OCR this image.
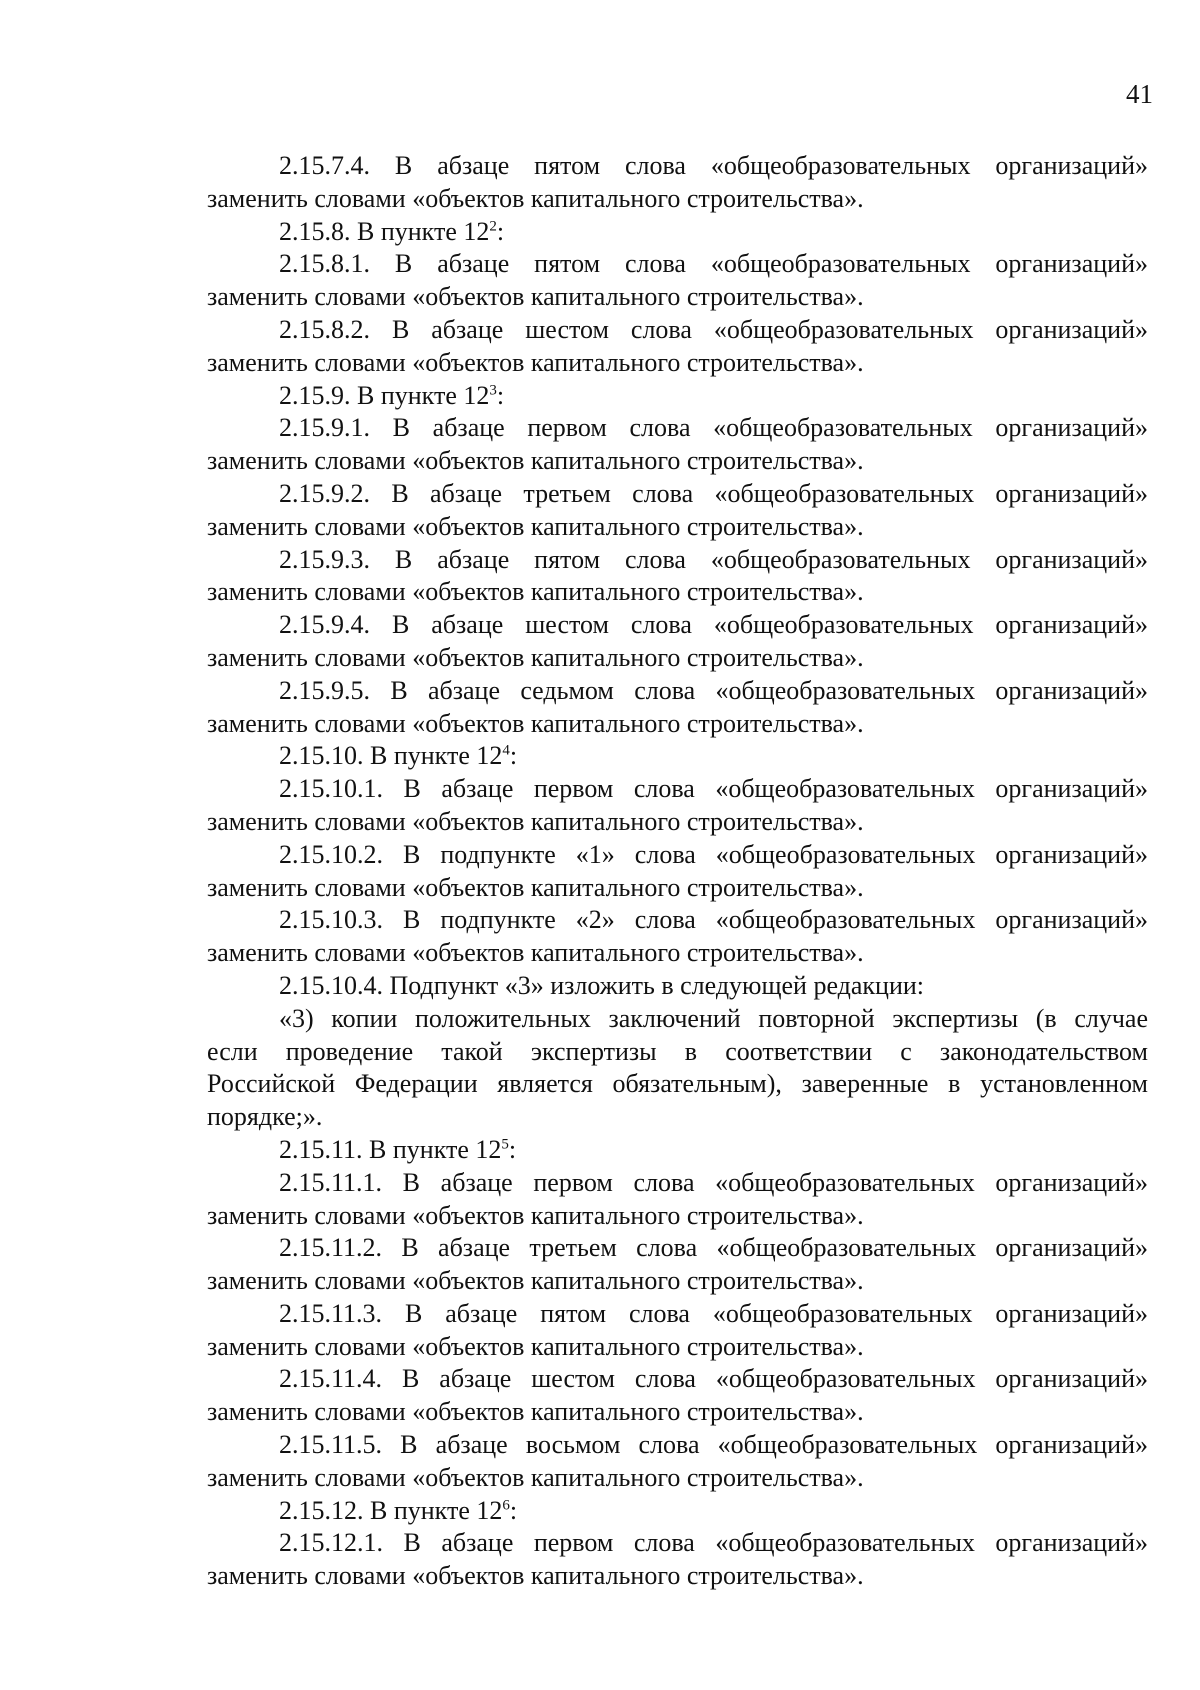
41

2.15.7.4. В абзаце пятом слова «общеобразовательных организаций»
заменить словами «объектов капитального строительства».

2.15.8. В пункте $12^2$:

2.15.8.1. В абзаце пятом слова «общеобразовательных организаций»
заменить словами «объектов капитального строительства».

2.15.8.2. В абзаце шестом слова «общеобразовательных организаций»
заменить словами «объектов капитального строительства».

2.15.9. В пункте $12^3$:

2.15.9.1. В абзаце первом слова «общеобразовательных организаций»
заменить словами «объектов капитального строительства».

2.15.9.2. В абзаце третьем слова «общеобразовательных организаций»
заменить словами «объектов капитального строительства».

2.15.9.3. В абзаце пятом слова «общеобразовательных организаций»
заменить словами «объектов капитального строительства».

2.15.9.4. В абзаце шестом слова «общеобразовательных организаций»
заменить словами «объектов капитального строительства».

2.15.9.5. В абзаце седьмом слова «общеобразовательных организаций»
заменить словами «объектов капитального строительства».

2.15.10. В пункте $12^4$:

2.15.10.1. В абзаце первом слова «общеобразовательных организаций»
заменить словами «объектов капитального строительства».

2.15.10.2. В подпункте «1» слова «общеобразовательных организаций»
заменить словами «объектов капитального строительства».

2.15.10.3. В подпункте «2» слова «общеобразовательных организаций»
заменить словами «объектов капитального строительства».

2.15.10.4. Подпункт «3» изложить в следующей редакции:

«3) копии положительных заключений повторной экспертизы (в случае
если проведение такой экспертизы в соответствии с законодательством
Российской Федерации является обязательным), заверенные в установленном
порядке;».

2.15.11. В пункте $12^5$:

2.15.11.1. В абзаце первом слова «общеобразовательных организаций»
заменить словами «объектов капитального строительства».

2.15.11.2. В абзаце третьем слова «общеобразовательных организаций»
заменить словами «объектов капитального строительства».

2.15.11.3. В абзаце пятом слова «общеобразовательных организаций»
заменить словами «объектов капитального строительства».

2.15.11.4. В абзаце шестом слова «общеобразовательных организаций»
заменить словами «объектов капитального строительства».

2.15.11.5. В абзаце восьмом слова «общеобразовательных организаций»
заменить словами «объектов капитального строительства».

2.15.12. В пункте $12^6$:

2.15.12.1. В абзаце первом слова «общеобразовательных организаций»
заменить словами «объектов капитального строительства».
